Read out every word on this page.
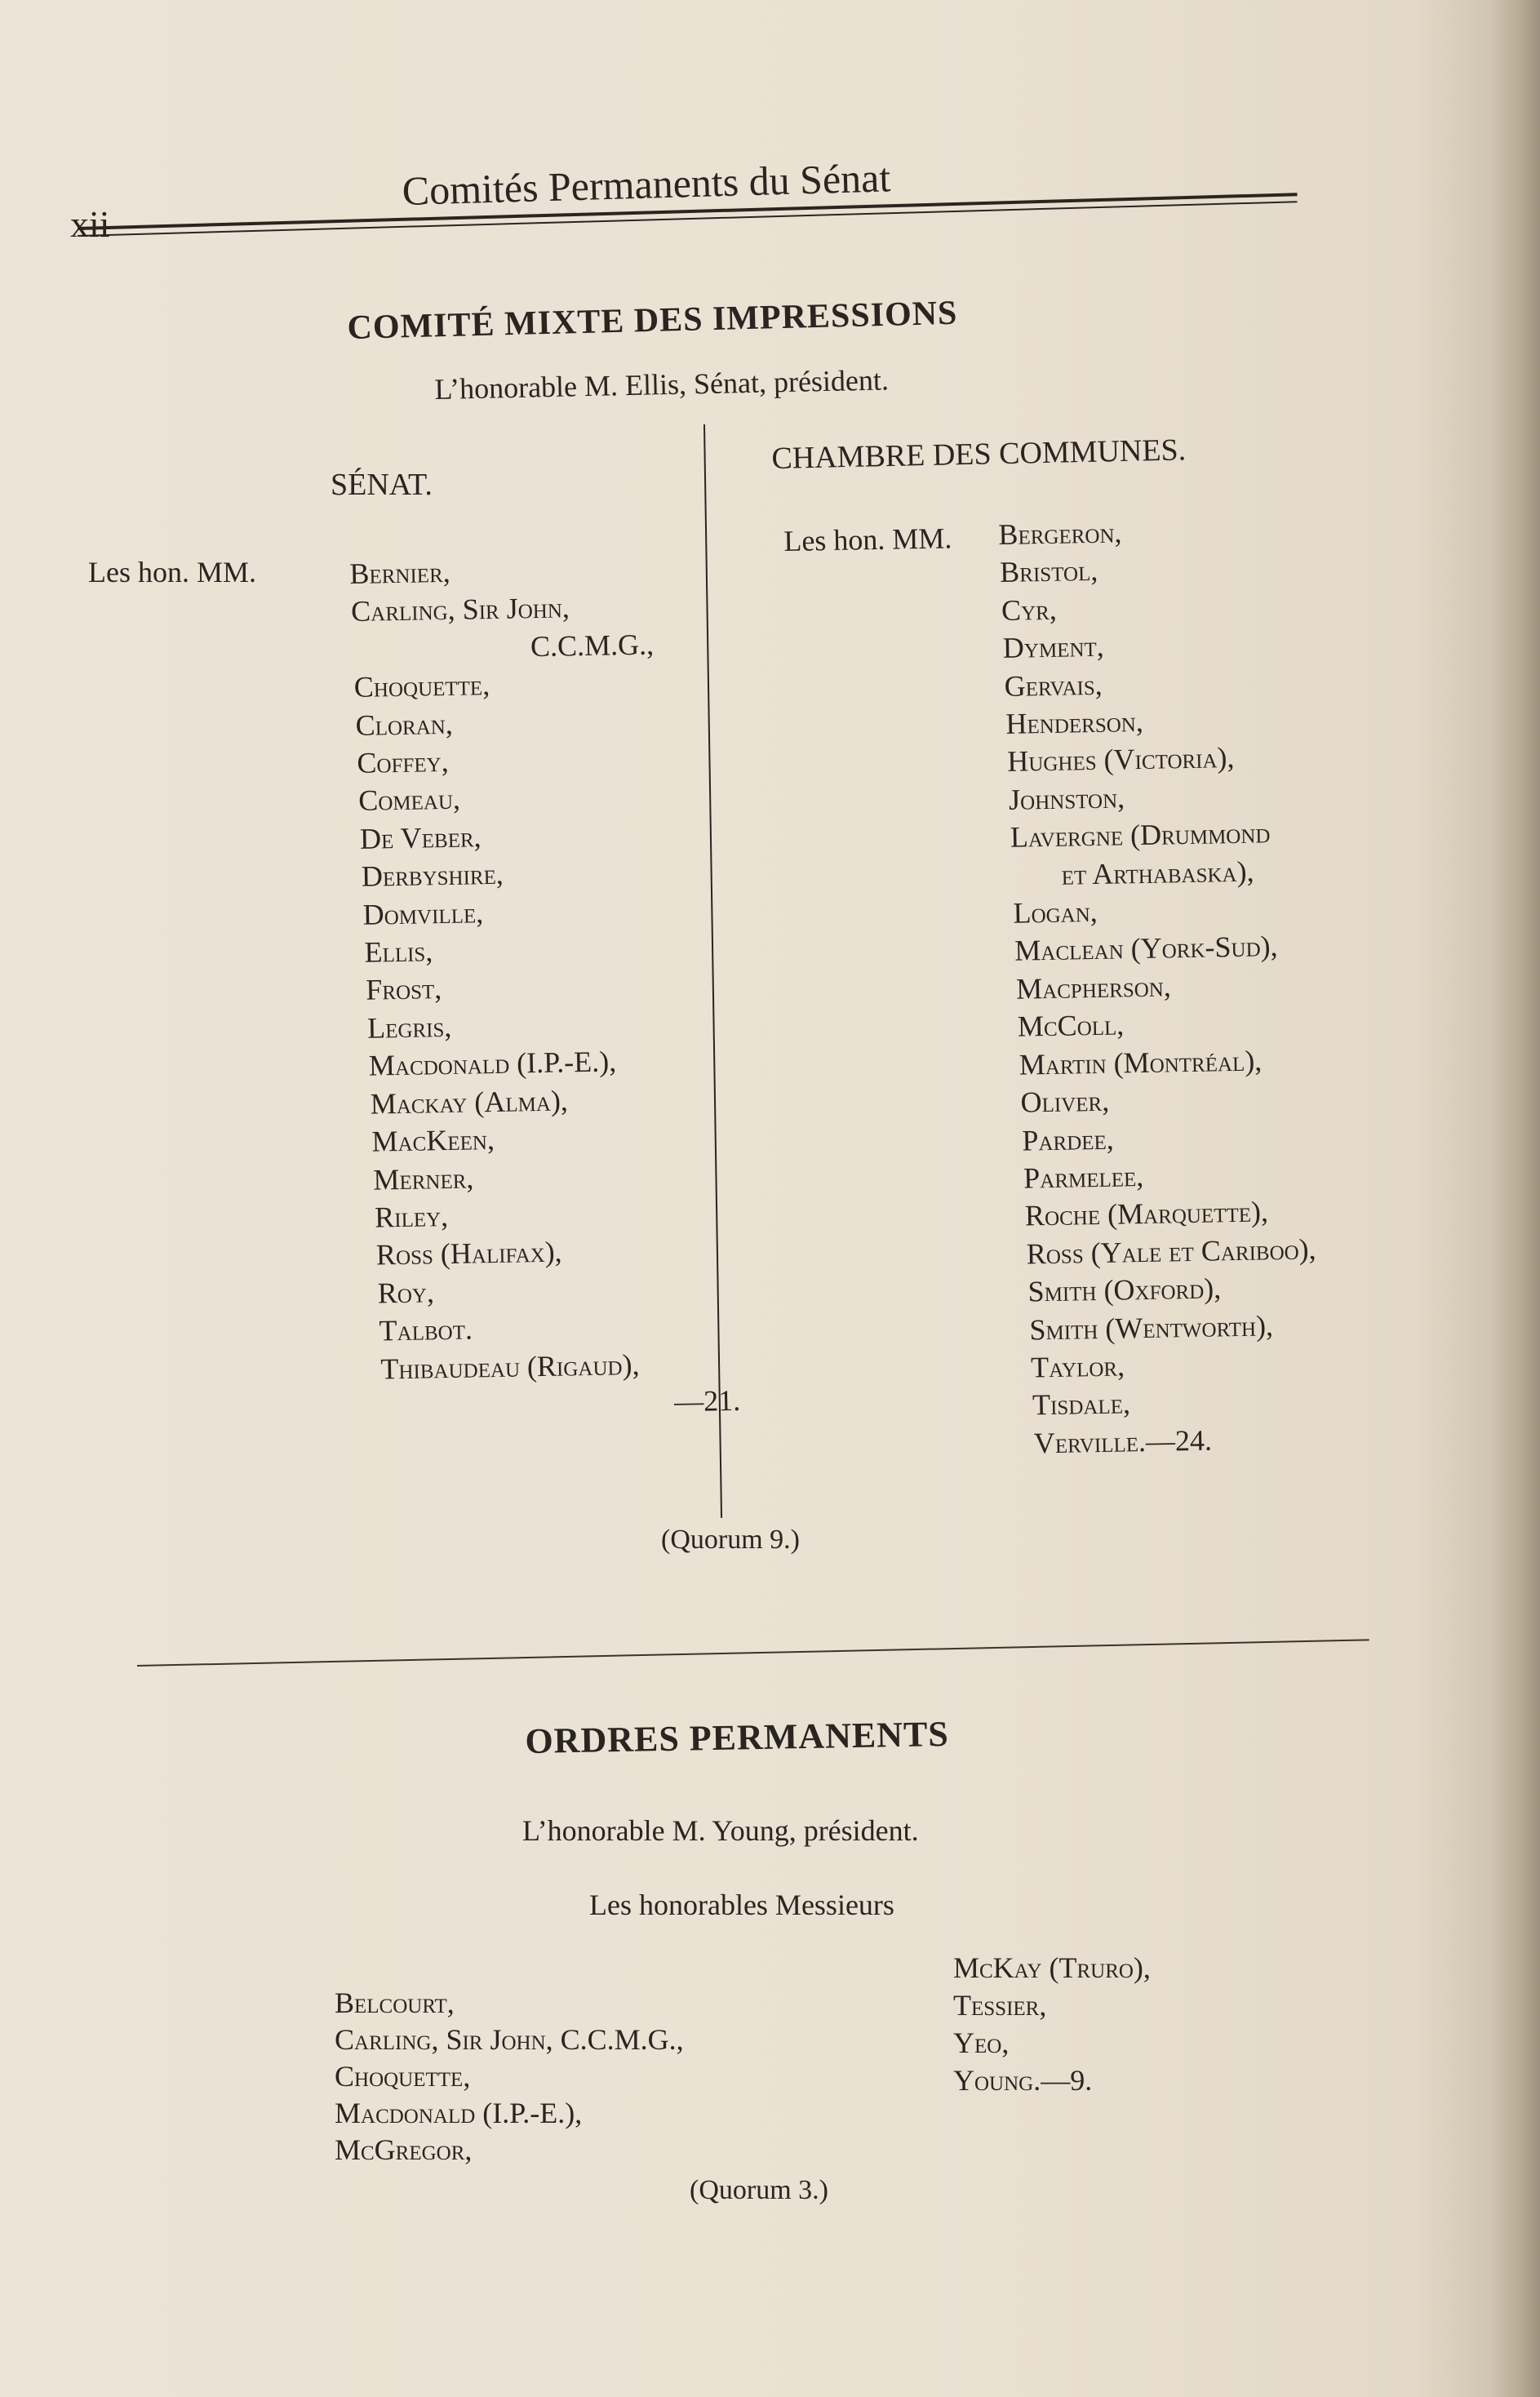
xii
Comités Permanents du Sénat
COMITÉ MIXTE DES IMPRESSIONS
L’honorable M. Ellis, Sénat, président.
SÉNAT.
CHAMBRE DES COMMUNES.
Les hon. MM.	Bernier,
Carling, Sir John,
C.C.M.G.,
Choquette,
Cloran,
Coffey,
Comeau,
De Veber,
Derbyshire,
Domville,
Ellis,
Frost,
Legris,
Macdonald (I.P.-E.),
Mackay (Alma),
MacKeen,
Merner,
Riley,
Ross (Halifax),
Roy,
Talbot.
Thibaudeau (Rigaud),
—21.
Les hon. MM. Bergeron,
Bristol,
Cyr,
Dyment,
Gervais,
Henderson,
Hughes (Victoria),
Johnston,
Lavergne (Drummond
et Arthabaska),
Logan,
Maclean (York-Sud),
Macpherson,
McColl,
Martin (Montréal),
Oliver,
Pardee,
Parmelee,
Roche (Marquette),
Ross (Yale et Cariboo),
Smith (Oxford),
Smith (Wentworth),
Taylor,
Tisdale,
Verville.—24.
(Quorum 9.)
ORDRES PERMANENTS
L’honorable M. Young, président.
Les honorables Messieurs
Belcourt,
Carling, Sir John, C.C.M.G.,
Choquette,
Macdonald (I.P.-E.),
McGregor,
McKay (Truro),
Tessier,
Yeo,
Young.—9.
(Quorum 3.)
